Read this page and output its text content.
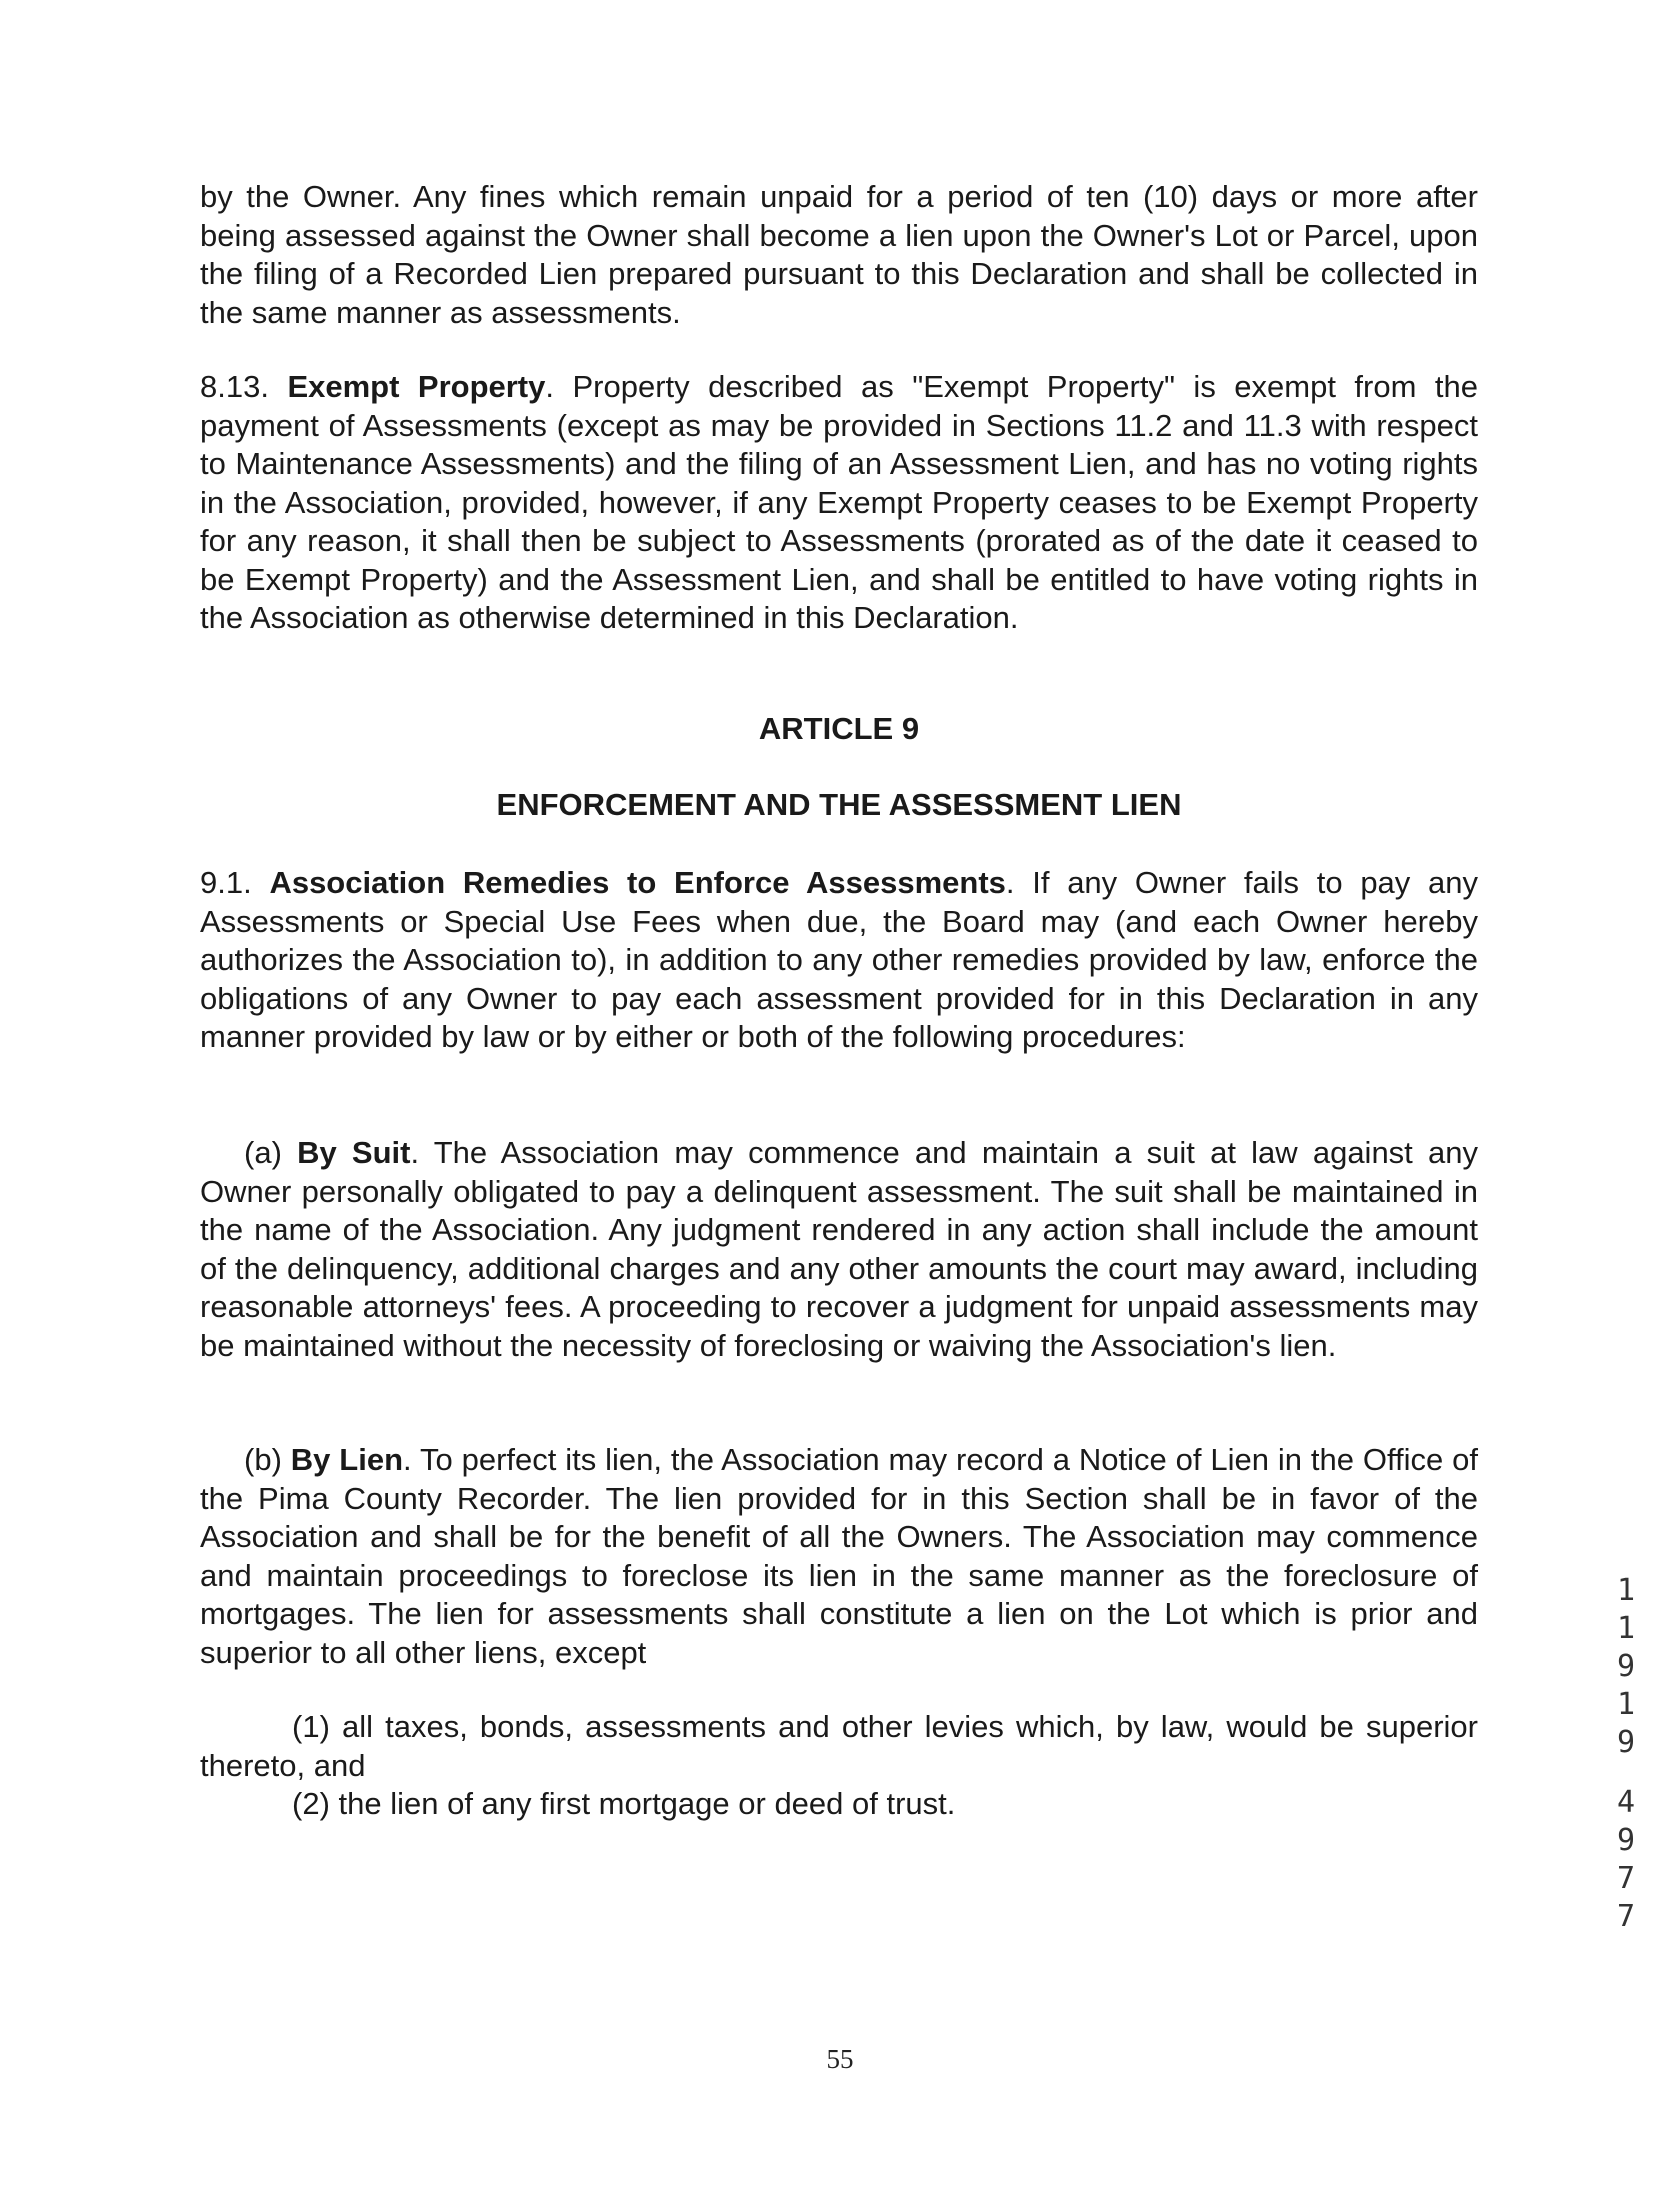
by the Owner. Any fines which remain unpaid for a period of ten (10) days or more after being assessed against the Owner shall become a lien upon the Owner's Lot or Parcel, upon the filing of a Recorded Lien prepared pursuant to this Declaration and shall be collected in the same manner as assessments.

8.13. Exempt Property. Property described as "Exempt Property" is exempt from the payment of Assessments (except as may be provided in Sections 11.2 and 11.3 with respect to Maintenance Assessments) and the filing of an Assessment Lien, and has no voting rights in the Association, provided, however, if any Exempt Property ceases to be Exempt Property for any reason, it shall then be subject to Assessments (prorated as of the date it ceased to be Exempt Property) and the Assessment Lien, and shall be entitled to have voting rights in the Association as otherwise determined in this Declaration.

ARTICLE 9

ENFORCEMENT AND THE ASSESSMENT LIEN

9.1. Association Remedies to Enforce Assessments. If any Owner fails to pay any Assessments or Special Use Fees when due, the Board may (and each Owner hereby authorizes the Association to), in addition to any other remedies provided by law, enforce the obligations of any Owner to pay each assessment provided for in this Declaration in any manner provided by law or by either or both of the following procedures:

(a) By Suit. The Association may commence and maintain a suit at law against any Owner personally obligated to pay a delinquent assessment. The suit shall be maintained in the name of the Association. Any judgment rendered in any action shall include the amount of the delinquency, additional charges and any other amounts the court may award, including reasonable attorneys' fees. A proceeding to recover a judgment for unpaid assessments may be maintained without the necessity of foreclosing or waiving the Association's lien.

(b) By Lien. To perfect its lien, the Association may record a Notice of Lien in the Office of the Pima County Recorder. The lien provided for in this Section shall be in favor of the Association and shall be for the benefit of all the Owners. The Association may commence and maintain proceedings to foreclose its lien in the same manner as the foreclosure of mortgages. The lien for assessments shall constitute a lien on the Lot which is prior and superior to all other liens, except

(1) all taxes, bonds, assessments and other levies which, by law, would be superior thereto, and

(2) the lien of any first mortgage or deed of trust.

55
1
1
9
1
9
4
9
7
7
